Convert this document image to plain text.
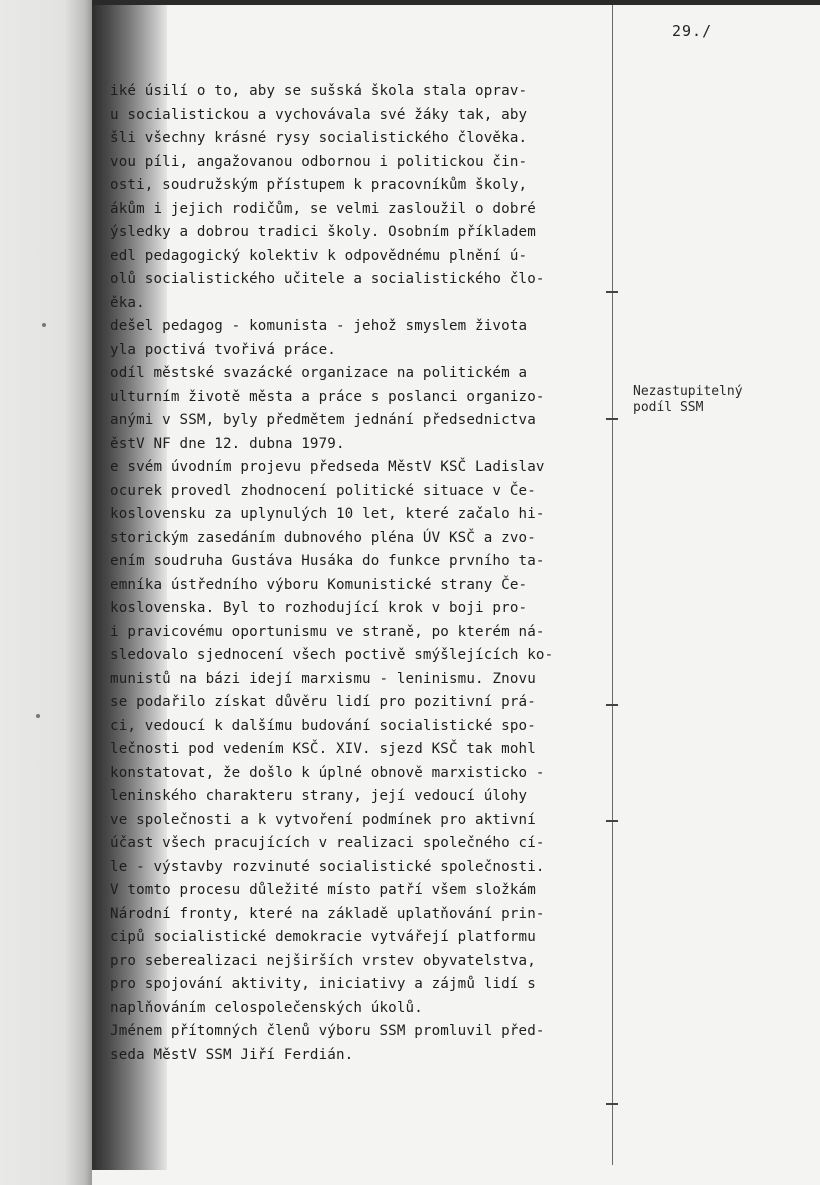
29./
iké úsilí o to, aby se sušská škola stala oprav-
u socialistickou a vychovávala své žáky tak, aby
šli všechny krásné rysy socialistického člověka.
vou píli, angažovanou odbornou i politickou čin-
osti, soudružským přístupem k pracovníkům školy,
ákům i jejich rodičům, se velmi zasloužil o dobré
ýsledky a dobrou tradici školy. Osobním příkladem
edl pedagogický kolektiv k odpovědnému plnění ú-
olů socialistického učitele a socialistického člo-
ěka.
dešel pedagog - komunista - jehož smyslem života
yla poctivá tvořivá práce.
odíl městské svazácké organizace na politickém a
ulturním životě města a práce s poslanci organizo-
anými v SSM, byly předmětem jednání předsednictva
ěstV NF dne 12. dubna 1979.
e svém úvodním projevu předseda MěstV KSČ Ladislav
ocurek provedl zhodnocení politické situace v Če-
koslovensku za uplynulých 10 let, které začalo hi-
storickým zasedáním dubnového pléna ÚV KSČ a zvo-
ením soudruha Gustáva Husáka do funkce prvního ta-
emníka ústředního výboru Komunistické strany Če-
koslovenska. Byl to rozhodující krok v boji pro-
i pravicovému oportunismu ve straně, po kterém ná-
sledovalo sjednocení všech poctivě smýšlejících ko-
munistů na bázi idejí marxismu - leninismu. Znovu
se podařilo získat důvěru lidí pro pozitivní prá-
ci, vedoucí k dalšímu budování socialistické spo-
lečnosti pod vedením KSČ. XIV. sjezd KSČ tak mohl
konstatovat, že došlo k úplné obnově marxisticko -
leninského charakteru strany, její vedoucí úlohy
ve společnosti a k vytvoření podmínek pro aktivní
účast všech pracujících v realizaci společného cí-
le - výstavby rozvinuté socialistické společnosti.
V tomto procesu důležité místo patří všem složkám
Národní fronty, které na základě uplatňování prin-
cipů socialistické demokracie vytvářejí platformu
pro seberealizaci nejširších vrstev obyvatelstva,
pro spojování aktivity, iniciativy a zájmů lidí s
naplňováním celospolečenských úkolů.
Jménem přítomných členů výboru SSM promluvil před-
seda MěstV SSM Jiří Ferdián.
Nezastupitelný
podíl SSM
